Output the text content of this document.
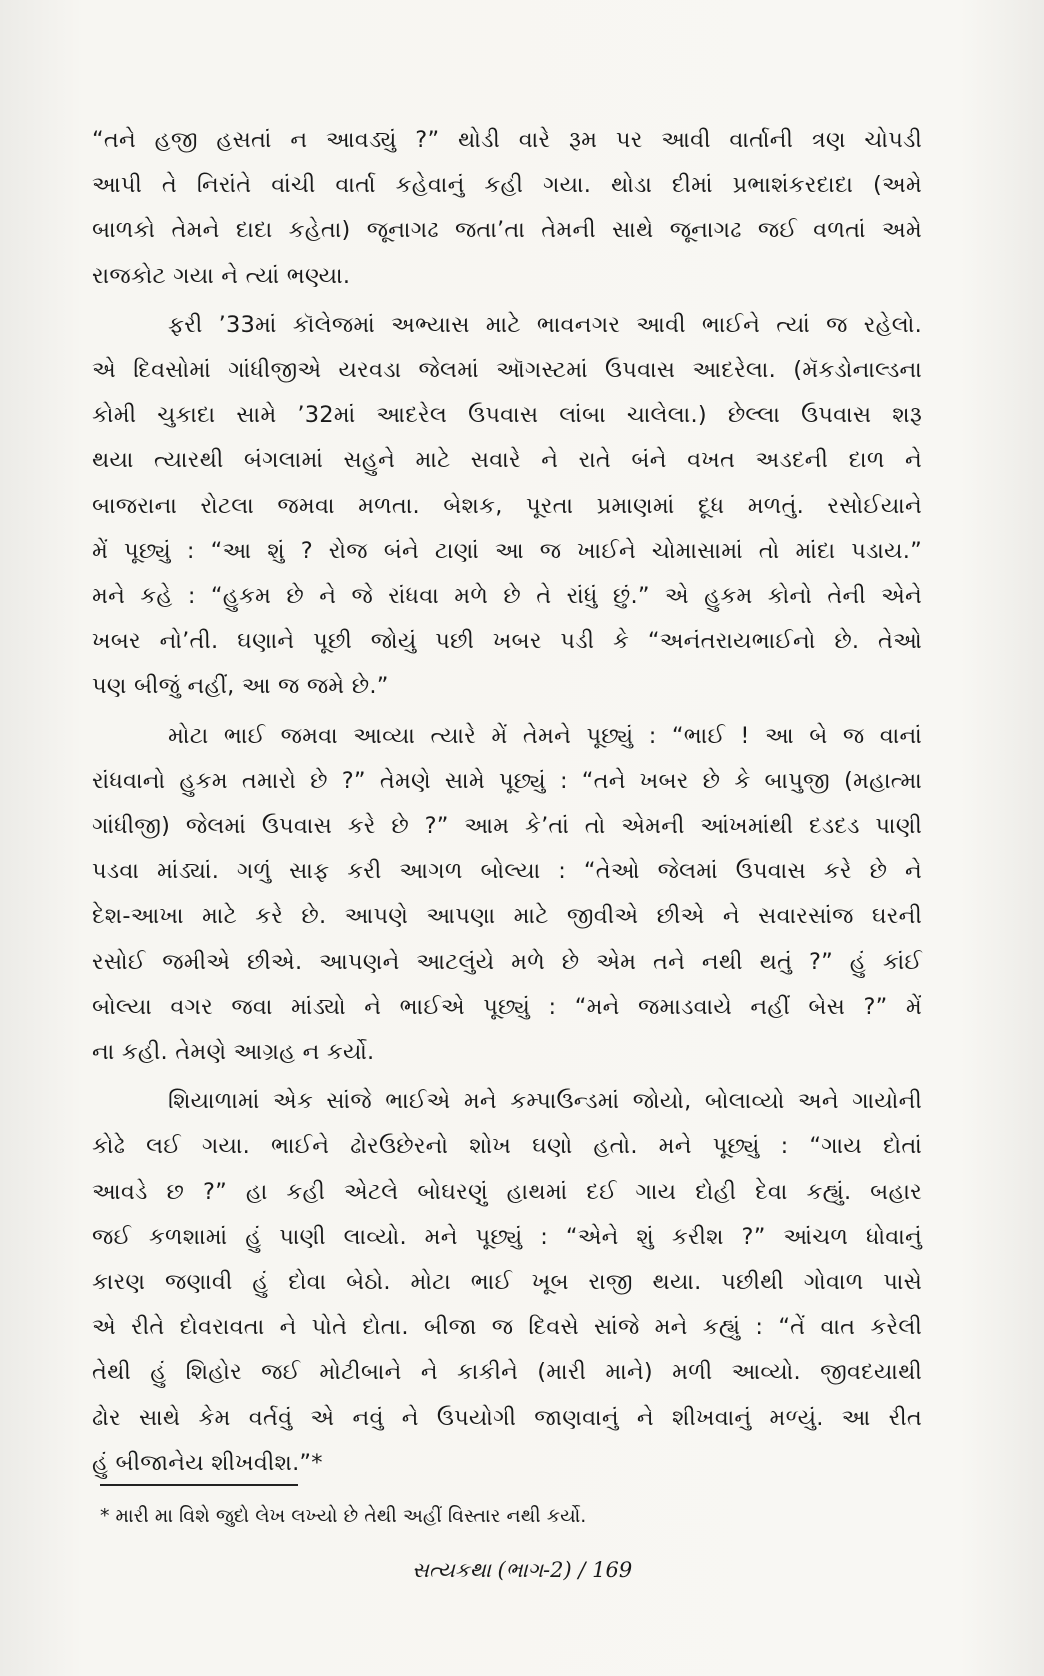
“તને હજી હસતાં ન આવડ્યું ?” થોડી વારે રૂમ પર આવી વાર્તાની ત્રણ ચોપડી
આપી તે નિરાંતે વાંચી વાર્તા કહેવાનું કહી ગયા. થોડા દીમાં પ્રભાશંકરદાદા (અમે
બાળકો તેમને દાદા કહેતા) જૂનાગઢ જતા’તા તેમની સાથે જૂનાગઢ જઈ વળતાં અમે
રાજકોટ ગયા ને ત્યાં ભણ્યા.

ફરી ’33માં કૉલેજમાં અભ્યાસ માટે ભાવનગર આવી ભાઈને ત્યાં જ રહેલો.
એ દિવસોમાં ગાંધીજીએ યરવડા જેલમાં ઑગસ્ટમાં ઉપવાસ આદરેલા. (મૅકડોનાલ્ડના
કોમી ચુકાદા સામે ’32માં આદરેલ ઉપવાસ લાંબા ચાલેલા.) છેલ્લા ઉપવાસ શરૂ
થયા ત્યારથી બંગલામાં સહુને માટે સવારે ને રાતે બંને વખત અડદની દાળ ને
બાજરાના રોટલા જમવા મળતા. બેશક, પૂરતા પ્રમાણમાં દૂધ મળતું. રસોઈયાને
મેં પૂછ્યું : “આ શું ? રોજ બંને ટાણાં આ જ ખાઈને ચોમાસામાં તો માંદા પડાય.”
મને કહે : “હુકમ છે ને જે રાંધવા મળે છે તે રાંધું છું.” એ હુકમ કોનો તેની એને
ખબર નો’તી. ઘણાને પૂછી જોયું પછી ખબર પડી કે “અનંતરાયભાઈનો છે. તેઓ
પણ બીજું નહીં, આ જ જમે છે.”

મોટા ભાઈ જમવા આવ્યા ત્યારે મેં તેમને પૂછ્યું : “ભાઈ ! આ બે જ વાનાં
રાંધવાનો હુકમ તમારો છે ?” તેમણે સામે પૂછ્યું : “તને ખબર છે કે બાપુજી (મહાત્મા
ગાંધીજી) જેલમાં ઉપવાસ કરે છે ?” આમ કે’તાં તો એમની આંખમાંથી દડદડ પાણી
પડવા માંડ્યાં. ગળું સાફ કરી આગળ બોલ્યા : “તેઓ જેલમાં ઉપવાસ કરે છે ને
દેશ-આખા માટે કરે છે. આપણે આપણા માટે જીવીએ છીએ ને સવારસાંજ ઘરની
રસોઈ જમીએ છીએ. આપણને આટલુંયે મળે છે એમ તને નથી થતું ?” હું કાંઈ
બોલ્યા વગર જવા માંડ્યો ને ભાઈએ પૂછ્યું : “મને જમાડવાયે નહીં બેસ ?” મેં
ના કહી. તેમણે આગ્રહ ન કર્યો.

શિયાળામાં એક સાંજે ભાઈએ મને કમ્પાઉન્ડમાં જોયો, બોલાવ્યો અને ગાયોની
કોઢે લઈ ગયા. ભાઈને ઢોરઉછેરનો શોખ ઘણો હતો. મને પૂછ્યું : “ગાય દોતાં
આવડે છ ?” હા કહી એટલે બોઘરણું હાથમાં દઈ ગાય દોહી દેવા કહ્યું. બહાર
જઈ કળશામાં હું પાણી લાવ્યો. મને પૂછ્યું : “એને શું કરીશ ?” આંચળ ધોવાનું
કારણ જણાવી હું દોવા બેઠો. મોટા ભાઈ ખૂબ રાજી થયા. પછીથી ગોવાળ પાસે
એ રીતે દોવરાવતા ને પોતે દોતા. બીજા જ દિવસે સાંજે મને કહ્યું : “તેં વાત કરેલી
તેથી હું શિહોર જઈ મોટીબાને ને કાકીને (મારી માને) મળી આવ્યો. જીવદયાથી
ઢોર સાથે કેમ વર્તવું એ નવું ને ઉપયોગી જાણવાનું ને શીખવાનું મળ્યું. આ રીત
હું બીજાનેય શીખવીશ.”*

* મારી મા વિશે જુદો લેખ લખ્યો છે તેથી અહીં વિસ્તાર નથી કર્યો.
સત્યકથા (ભાગ-2) / 169
